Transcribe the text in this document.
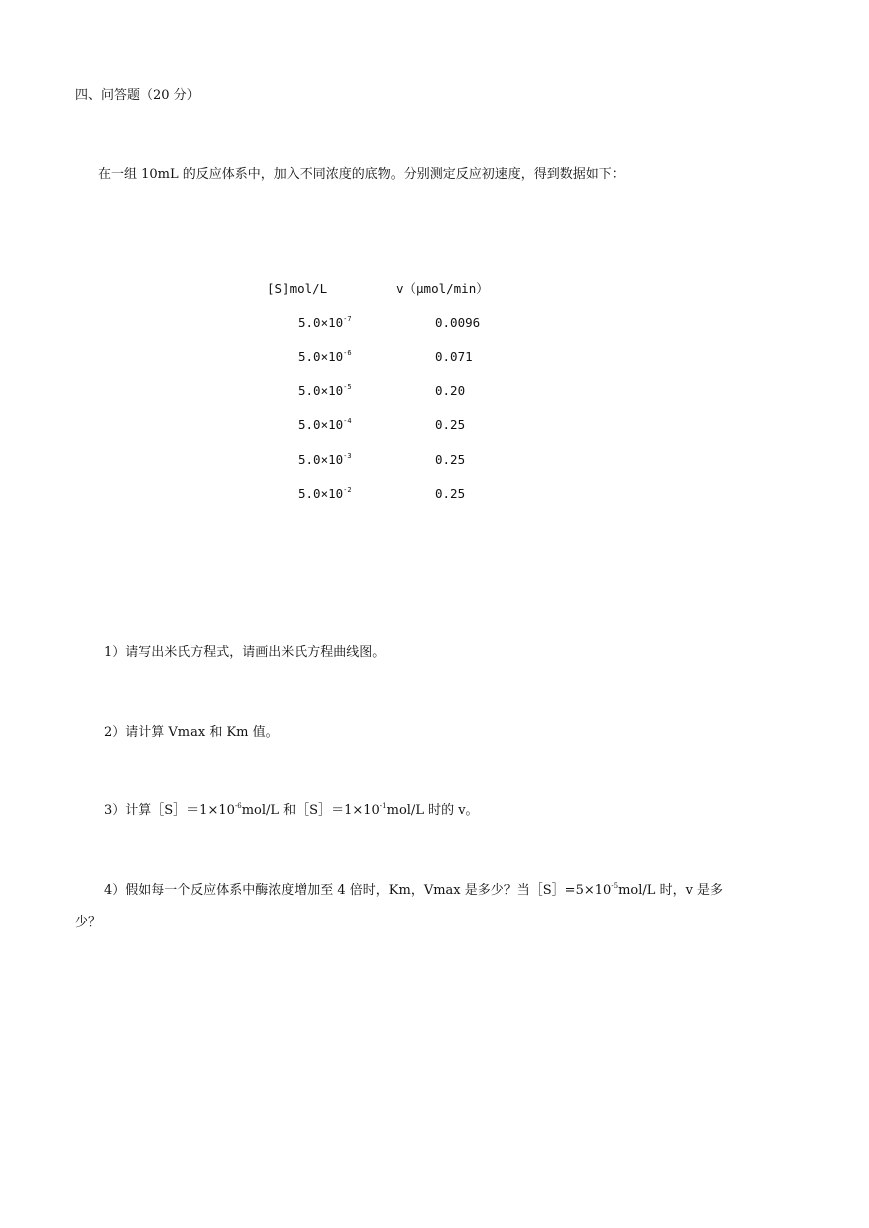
四、问答题（20 分）
在一组 10mL 的反应体系中，加入不同浓度的底物。分别测定反应初速度，得到数据如下：
[S]mol/L	v（μmol/min）
$5.0\times 10^{-7}$	0.0096
$5.0\times 10^{-6}$	0.071
$5.0\times 10^{-5}$	0.20
$5.0\times 10^{-4}$	0.25
$5.0\times 10^{-3}$	0.25
$5.0\times 10^{-2}$	0.25
1）请写出米氏方程式，请画出米氏方程曲线图。
2）请计算 Vmax 和 Km 值。
3）计算$[S]=1\times 10^{-6}mol/L$ 和$[S]=1\times 10^{-1}mol/L$ 时的 v。
4）假如每一个反应体系中酶浓度增加至 4 倍时，Km，Vmax 是多少？当$[S]=5\times 10^{-5}mol/L$ 时，v 是多
少？
